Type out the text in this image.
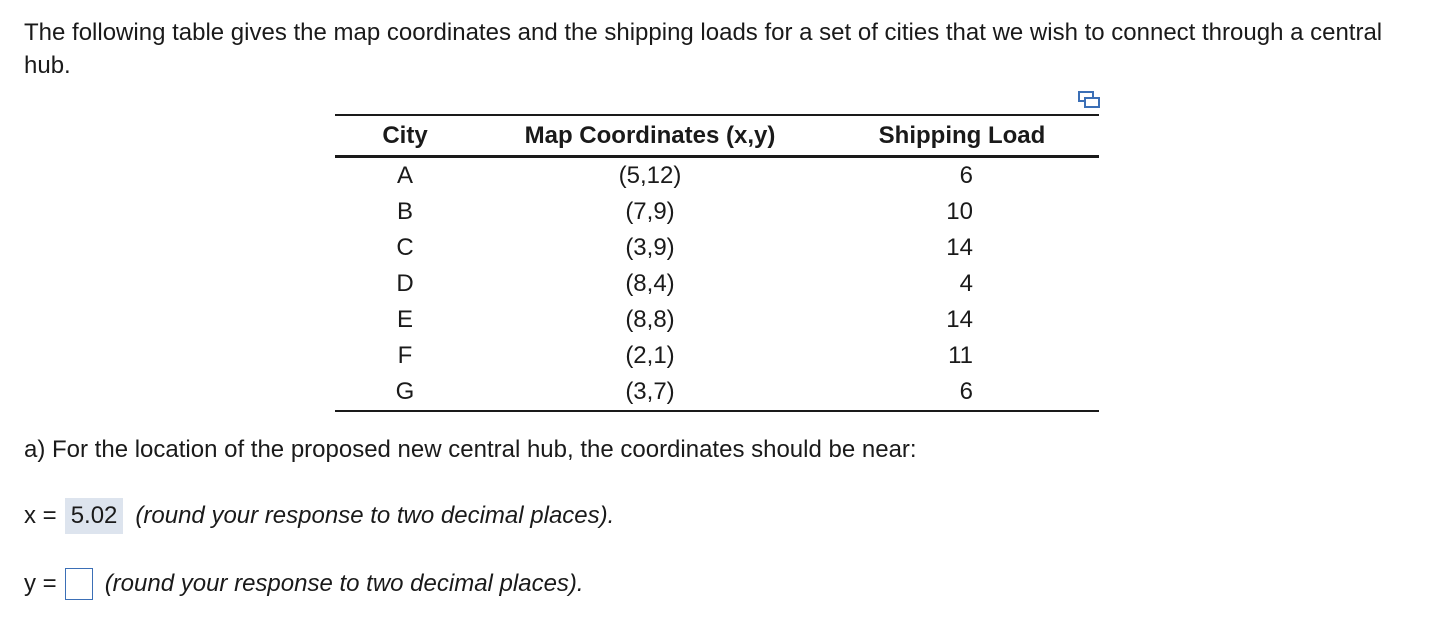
The following table gives the map coordinates and the shipping loads for a set of cities that we wish to connect through a central hub.

City	Map Coordinates (x,y)	Shipping Load
A	(5,12)	6
B	(7,9)	10
C	(3,9)	14
D	(8,4)	4
E	(8,8)	14
F	(2,1)	11
G	(3,7)	6

a) For the location of the proposed new central hub, the coordinates should be near:

x = 5.02 (round your response to two decimal places).
y = (round your response to two decimal places).
